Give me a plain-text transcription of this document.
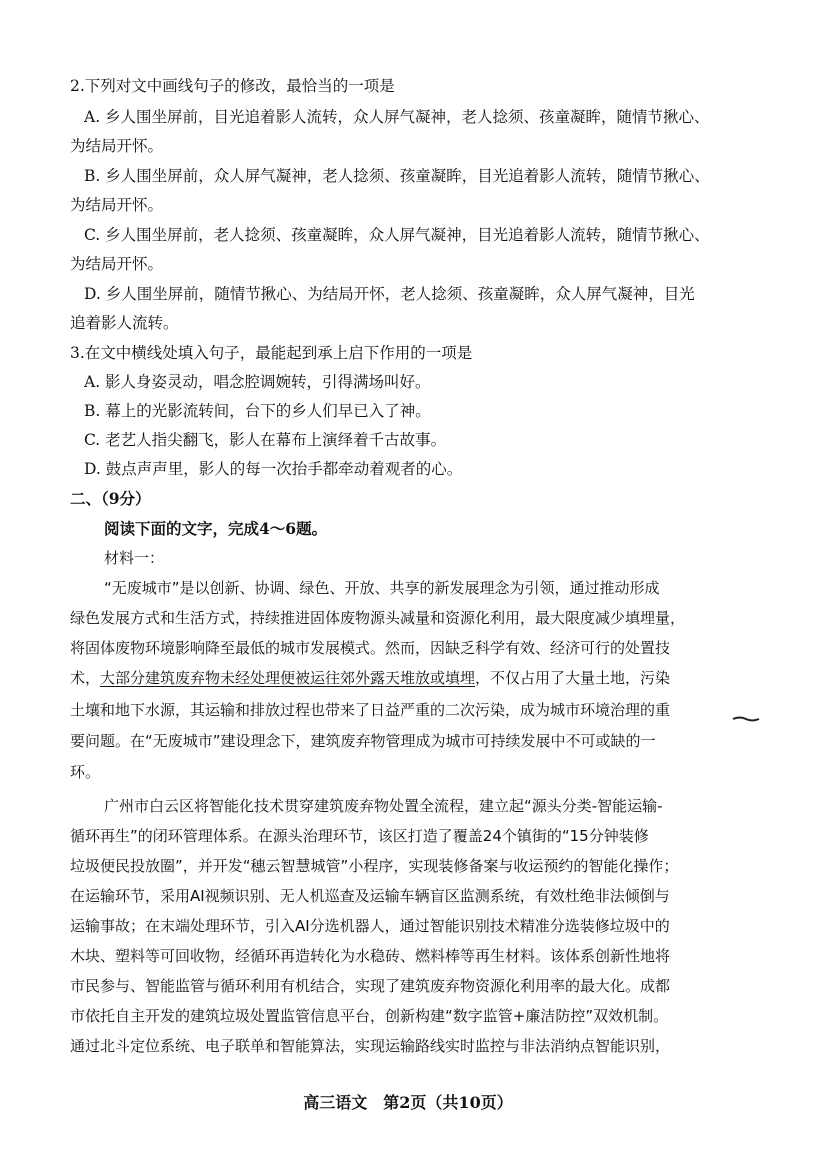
2.下列对文中画线句子的修改，最恰当的一项是
A. 乡人围坐屏前，目光追着影人流转，众人屏气凝神，老人捻须、孩童凝眸，随情节揪心、
为结局开怀。
B. 乡人围坐屏前，众人屏气凝神，老人捻须、孩童凝眸，目光追着影人流转，随情节揪心、
为结局开怀。
C. 乡人围坐屏前，老人捻须、孩童凝眸，众人屏气凝神，目光追着影人流转，随情节揪心、
为结局开怀。
D. 乡人围坐屏前，随情节揪心、为结局开怀，老人捻须、孩童凝眸，众人屏气凝神，目光
追着影人流转。
3.在文中横线处填入句子，最能起到承上启下作用的一项是
A. 影人身姿灵动，唱念腔调婉转，引得满场叫好。
B. 幕上的光影流转间，台下的乡人们早已入了神。
C. 老艺人指尖翻飞，影人在幕布上演绎着千古故事。
D. 鼓点声声里，影人的每一次抬手都牵动着观者的心。
二、（9分）
阅读下面的文字，完成4～6题。
材料一：
“无废城市”是以创新、协调、绿色、开放、共享的新发展理念为引领，通过推动形成
绿色发展方式和生活方式，持续推进固体废物源头减量和资源化利用，最大限度减少填埋量，
将固体废物环境影响降至最低的城市发展模式。然而，因缺乏科学有效、经济可行的处置技
术，大部分建筑废弃物未经处理便被运往郊外露天堆放或填埋，不仅占用了大量土地，污染
土壤和地下水源，其运输和排放过程也带来了日益严重的二次污染，成为城市环境治理的重
要问题。在“无废城市”建设理念下，建筑废弃物管理成为城市可持续发展中不可或缺的一
环。
广州市白云区将智能化技术贯穿建筑废弃物处置全流程，建立起“源头分类-智能运输-
循环再生”的闭环管理体系。在源头治理环节，该区打造了覆盖24个镇街的“15分钟装修
垃圾便民投放圈”，并开发“穗云智慧城管”小程序，实现装修备案与收运预约的智能化操作；
在运输环节，采用AI视频识别、无人机巡查及运输车辆盲区监测系统，有效杜绝非法倾倒与
运输事故；在末端处理环节，引入AI分选机器人，通过智能识别技术精准分选装修垃圾中的
木块、塑料等可回收物，经循环再造转化为水稳砖、燃料棒等再生材料。该体系创新性地将
市民参与、智能监管与循环利用有机结合，实现了建筑废弃物资源化利用率的最大化。成都
市依托自主开发的建筑垃圾处置监管信息平台，创新构建“数字监管+廉洁防控”双效机制。
通过北斗定位系统、电子联单和智能算法，实现运输路线实时监控与非法消纳点智能识别，
高三语文　第2页（共10页）
